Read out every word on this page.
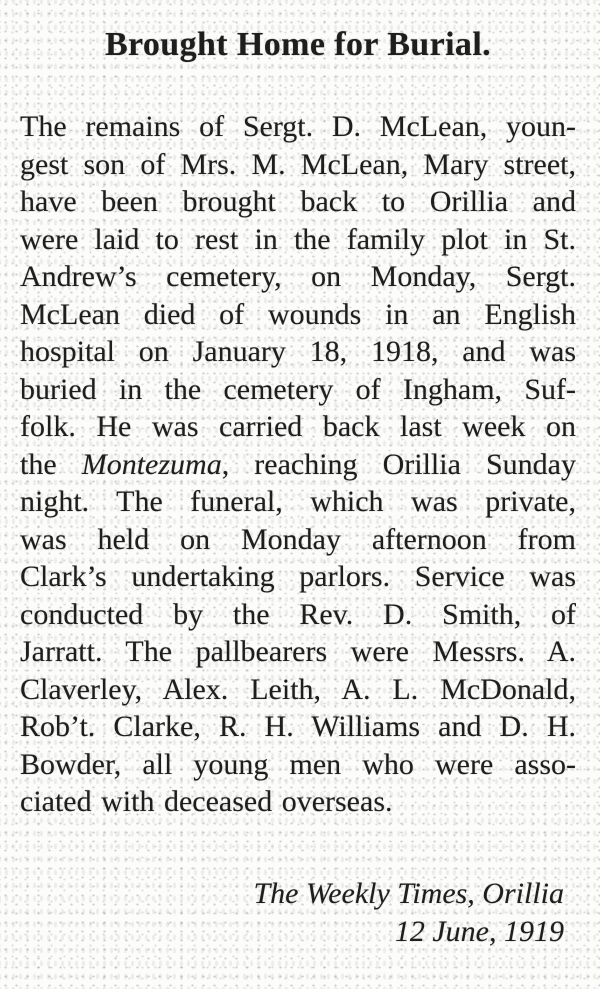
Brought Home for Burial.
The remains of Sergt. D. McLean, youn-
gest son of Mrs. M. McLean, Mary street,
have been brought back to Orillia and
were laid to rest in the family plot in St.
Andrew’s cemetery, on Monday, Sergt.
McLean died of wounds in an English
hospital on January 18, 1918, and was
buried in the cemetery of Ingham, Suf-
folk. He was carried back last week on
the Montezuma, reaching Orillia Sunday
night. The funeral, which was private,
was held on Monday afternoon from
Clark’s undertaking parlors. Service was
conducted by the Rev. D. Smith, of
Jarratt. The pallbearers were Messrs. A.
Claverley, Alex. Leith, A. L. McDonald,
Rob’t. Clarke, R. H. Williams and D. H.
Bowder, all young men who were asso-
ciated with deceased overseas.
The Weekly Times, Orillia
12 June, 1919
